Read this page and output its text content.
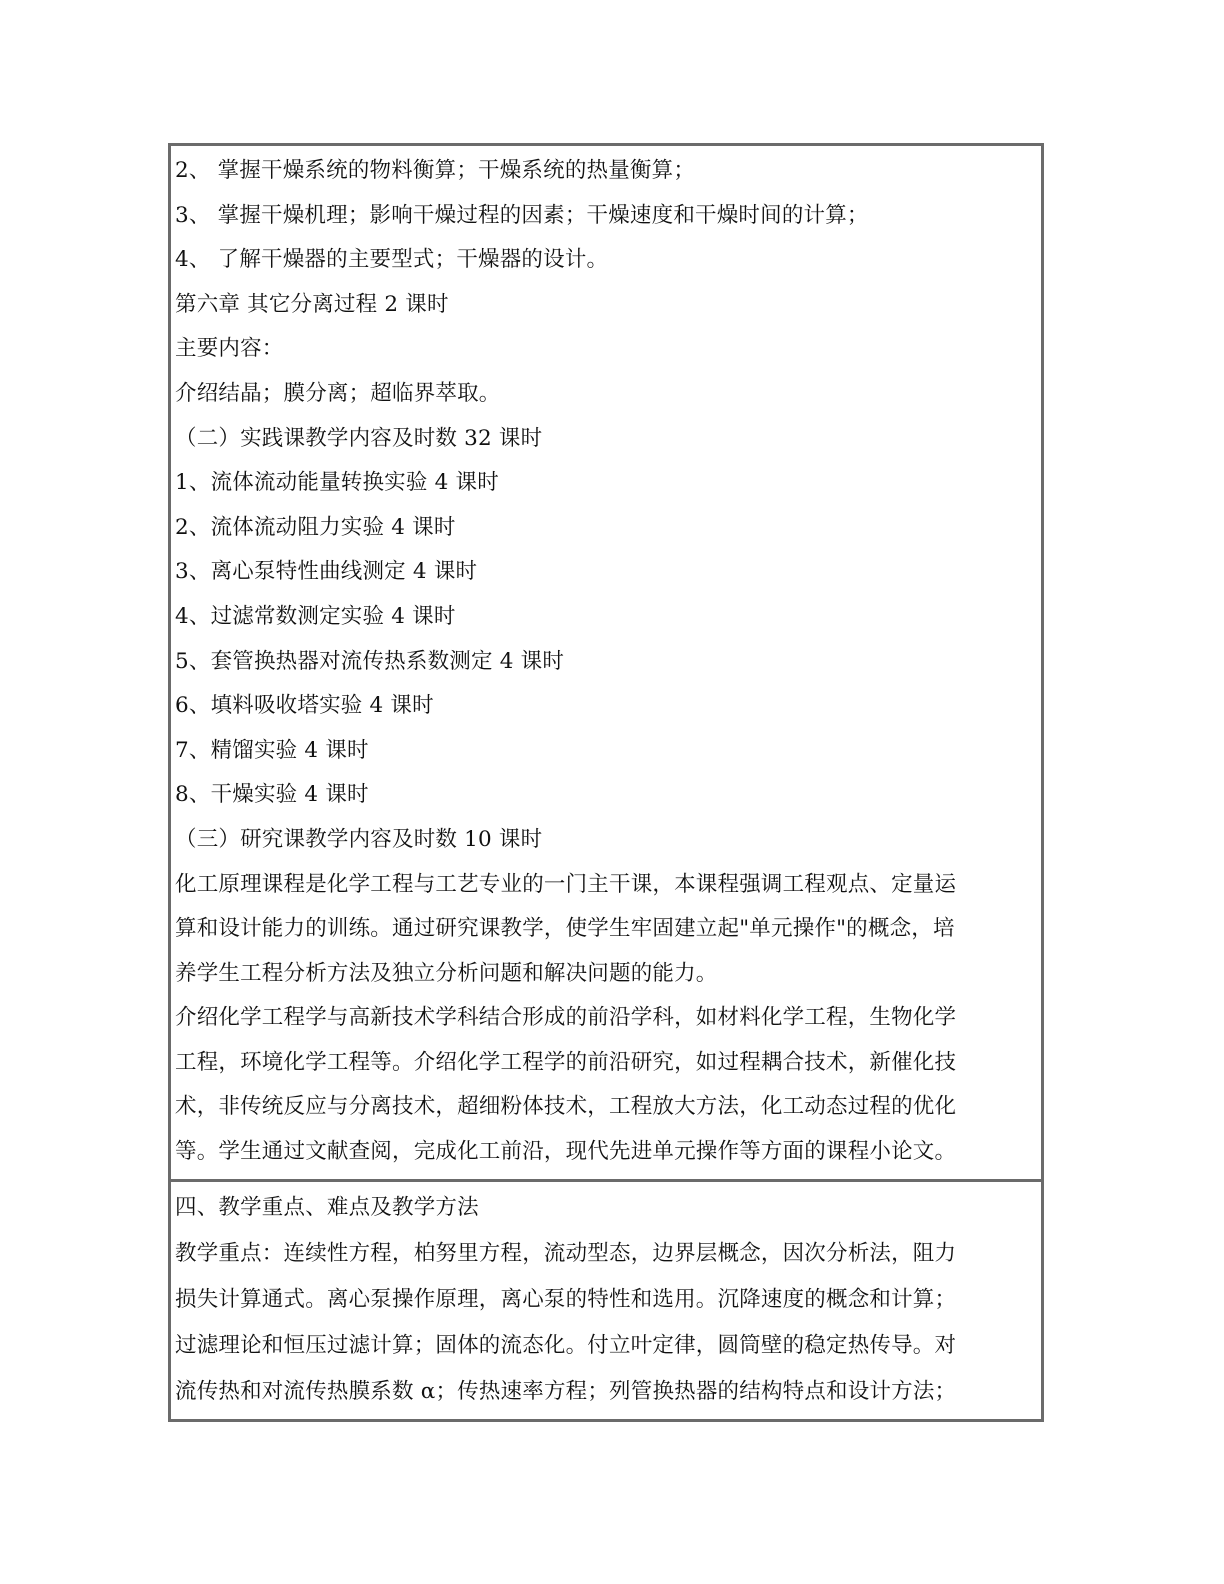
2、 掌握干燥系统的物料衡算；干燥系统的热量衡算；
3、 掌握干燥机理；影响干燥过程的因素；干燥速度和干燥时间的计算；
4、 了解干燥器的主要型式；干燥器的设计。
第六章 其它分离过程 2 课时
主要内容：
介绍结晶；膜分离；超临界萃取。
（二）实践课教学内容及时数 32 课时
1、流体流动能量转换实验 4 课时
2、流体流动阻力实验 4 课时
3、离心泵特性曲线测定 4 课时
4、过滤常数测定实验 4 课时
5、套管换热器对流传热系数测定 4 课时
6、填料吸收塔实验 4 课时
7、精馏实验 4 课时
8、干燥实验 4 课时
（三）研究课教学内容及时数 10 课时
化工原理课程是化学工程与工艺专业的一门主干课，本课程强调工程观点、定量运
算和设计能力的训练。通过研究课教学，使学生牢固建立起"单元操作"的概念，培
养学生工程分析方法及独立分析问题和解决问题的能力。
介绍化学工程学与高新技术学科结合形成的前沿学科，如材料化学工程，生物化学
工程，环境化学工程等。介绍化学工程学的前沿研究，如过程耦合技术，新催化技
术，非传统反应与分离技术，超细粉体技术，工程放大方法，化工动态过程的优化
等。学生通过文献查阅，完成化工前沿，现代先进单元操作等方面的课程小论文。
四、教学重点、难点及教学方法
教学重点：连续性方程，柏努里方程，流动型态，边界层概念，因次分析法，阻力
损失计算通式。离心泵操作原理，离心泵的特性和选用。沉降速度的概念和计算；
过滤理论和恒压过滤计算；固体的流态化。付立叶定律，圆筒壁的稳定热传导。对
流传热和对流传热膜系数 α；传热速率方程；列管换热器的结构特点和设计方法；
